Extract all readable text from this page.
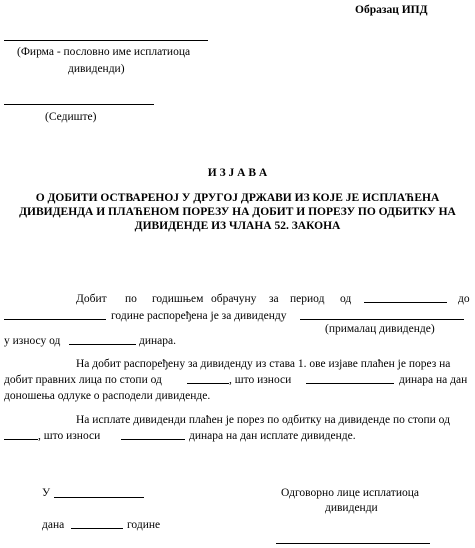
Образац ИПД
(Фирма - пословно име исплатиоца
дивиденди)
(Седиште)
И З Ј А В А
О ДОБИТИ ОСТВАРЕНОЈ У ДРУГОЈ ДРЖАВИ ИЗ КОЈЕ ЈЕ ИСПЛАЋЕНА
ДИВИДЕНДА И ПЛАЋЕНОМ ПОРЕЗУ НА ДОБИТ И ПОРЕЗУ ПО ОДБИТКУ НА
ДИВИДЕНДЕ ИЗ ЧЛАНА 52. ЗАКОНА
Добит по годишњем обрачуну за период од	до
године распоређена је за дивиденду
(прималац дивиденде)
у износу од	динара.
На добит распоређену за дивиденду из става 1. ове изјаве плаћен је порез на
добит правних лица по стопи од	, што износи	динара на дан
доношења одлуке о расподели дивиденде.
На исплате дивиденди плаћен је порез по одбитку на дивиденде по стопи од
, што износи	динара на дан исплате дивиденде.
У	Одговорно лице исплатиоца
дивиденди
дана	године
